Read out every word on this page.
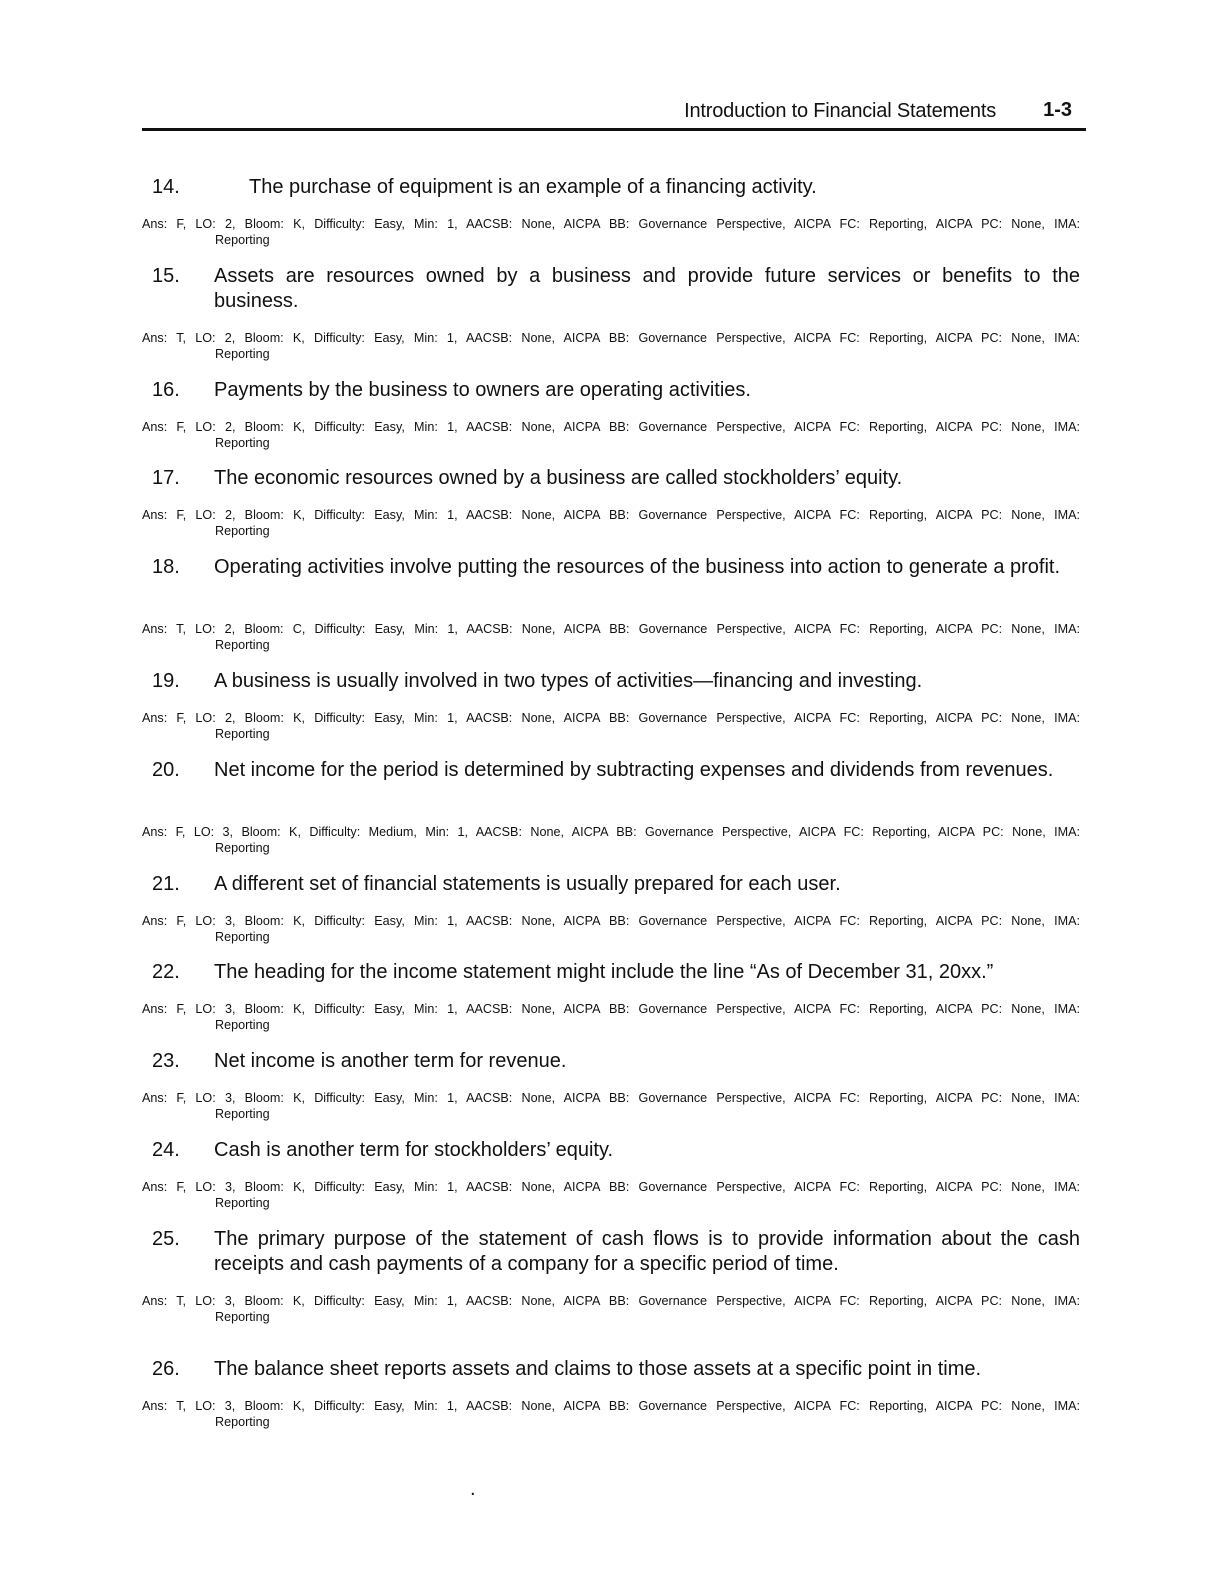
Introduction to Financial Statements 1-3
14.	The purchase of equipment is an example of a financing activity.
Ans: F, LO: 2, Bloom: K, Difficulty: Easy, Min: 1, AACSB: None, AICPA BB: Governance Perspective, AICPA FC: Reporting, AICPA PC: None, IMA:
Reporting
15. Assets are resources owned by a business and provide future services or benefits to the business.
Ans: T, LO: 2, Bloom: K, Difficulty: Easy, Min: 1, AACSB: None, AICPA BB: Governance Perspective, AICPA FC: Reporting, AICPA PC: None, IMA:
Reporting
16. Payments by the business to owners are operating activities.
Ans: F, LO: 2, Bloom: K, Difficulty: Easy, Min: 1, AACSB: None, AICPA BB: Governance Perspective, AICPA FC: Reporting, AICPA PC: None, IMA:
Reporting
17. The economic resources owned by a business are called stockholders’ equity.
Ans: F, LO: 2, Bloom: K, Difficulty: Easy, Min: 1, AACSB: None, AICPA BB: Governance Perspective, AICPA FC: Reporting, AICPA PC: None, IMA:
Reporting
18. Operating activities involve putting the resources of the business into action to generate a profit.
Ans: T, LO: 2, Bloom: C, Difficulty: Easy, Min: 1, AACSB: None, AICPA BB: Governance Perspective, AICPA FC: Reporting, AICPA PC: None, IMA:
Reporting
19. A business is usually involved in two types of activities—financing and investing.
Ans: F, LO: 2, Bloom: K, Difficulty: Easy, Min: 1, AACSB: None, AICPA BB: Governance Perspective, AICPA FC: Reporting, AICPA PC: None, IMA:
Reporting
20. Net income for the period is determined by subtracting expenses and dividends from revenues.
Ans: F, LO: 3, Bloom: K, Difficulty: Medium, Min: 1, AACSB: None, AICPA BB: Governance Perspective, AICPA FC: Reporting, AICPA PC: None, IMA:
Reporting
21. A different set of financial statements is usually prepared for each user.
Ans: F, LO: 3, Bloom: K, Difficulty: Easy, Min: 1, AACSB: None, AICPA BB: Governance Perspective, AICPA FC: Reporting, AICPA PC: None, IMA:
Reporting
22. The heading for the income statement might include the line “As of December 31, 20xx.”
Ans: F, LO: 3, Bloom: K, Difficulty: Easy, Min: 1, AACSB: None, AICPA BB: Governance Perspective, AICPA FC: Reporting, AICPA PC: None, IMA:
Reporting
23. Net income is another term for revenue.
Ans: F, LO: 3, Bloom: K, Difficulty: Easy, Min: 1, AACSB: None, AICPA BB: Governance Perspective, AICPA FC: Reporting, AICPA PC: None, IMA:
Reporting
24. Cash is another term for stockholders’ equity.
Ans: F, LO: 3, Bloom: K, Difficulty: Easy, Min: 1, AACSB: None, AICPA BB: Governance Perspective, AICPA FC: Reporting, AICPA PC: None, IMA:
Reporting
25. The primary purpose of the statement of cash flows is to provide information about the cash receipts and cash payments of a company for a specific period of time.
Ans: T, LO: 3, Bloom: K, Difficulty: Easy, Min: 1, AACSB: None, AICPA BB: Governance Perspective, AICPA FC: Reporting, AICPA PC: None, IMA:
Reporting
26. The balance sheet reports assets and claims to those assets at a specific point in time.
Ans: T, LO: 3, Bloom: K, Difficulty: Easy, Min: 1, AACSB: None, AICPA BB: Governance Perspective, AICPA FC: Reporting, AICPA PC: None, IMA:
Reporting
.
